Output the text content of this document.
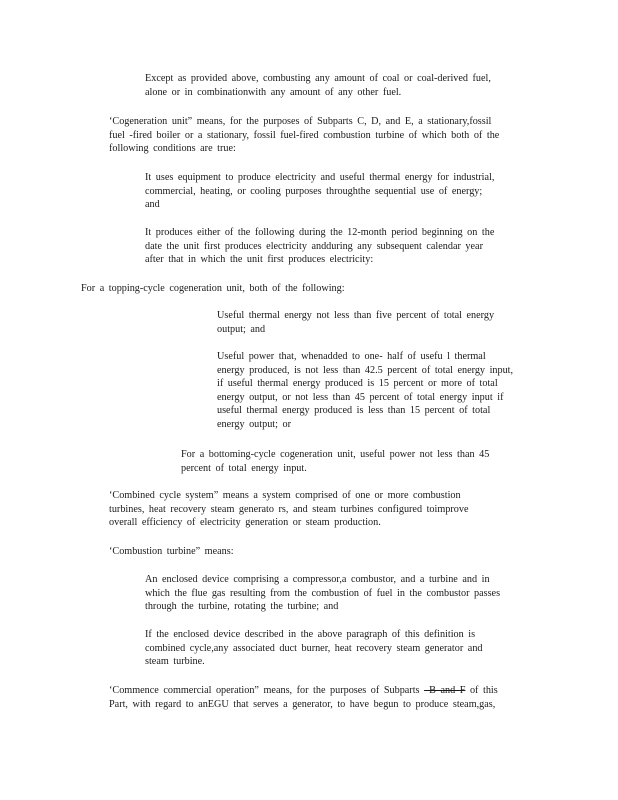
Except as provided above, combusting any amount of coal or coal-derived fuel,
alone or in combinationwith any amount of any other fuel.

‘Cogeneration unit” means, for the purposes of Subparts C, D, and E, a stationary,fossil
fuel -fired boiler or a stationary, fossil fuel-fired combustion turbine of which both of the
following conditions are true:

It uses equipment to produce electricity and useful thermal energy for industrial,
commercial, heating, or cooling purposes throughthe sequential use of energy;
and

It produces either of the following during the 12-month period beginning on the
date the unit first produces electricity andduring any subsequent calendar year
after that in which the unit first produces electricity:

For a topping-cycle cogeneration unit, both of the following:

Useful thermal energy not less than five percent of total energy
output; and

Useful power that, whenadded to one- half of usefu l thermal
energy produced, is not less than 42.5 percent of total energy input,
if useful thermal energy produced is 15 percent or more of total
energy output, or not less than 45 percent of total energy input if
useful thermal energy produced is less than 15 percent of total
energy output; or

For a bottoming-cycle cogeneration unit, useful power not less than 45
percent of total energy input.

‘Combined cycle system” means a system comprised of one or more combustion
turbines, heat recovery steam generato rs, and steam turbines configured toimprove
overall efficiency of electricity generation or steam production.

‘Combustion turbine” means:

An enclosed device comprising a compressor,a combustor, and a turbine and in
which the flue gas resulting from the combustion of fuel in the combustor passes
through the turbine, rotating the turbine; and

If the enclosed device described in the above paragraph of this definition is
combined cycle,any associated duct burner, heat recovery steam generator and
steam turbine.

‘Commence commercial operation” means, for the purposes of Subparts –B and F of this
Part, with regard to anEGU that serves a generator, to have begun to produce steam,gas,
